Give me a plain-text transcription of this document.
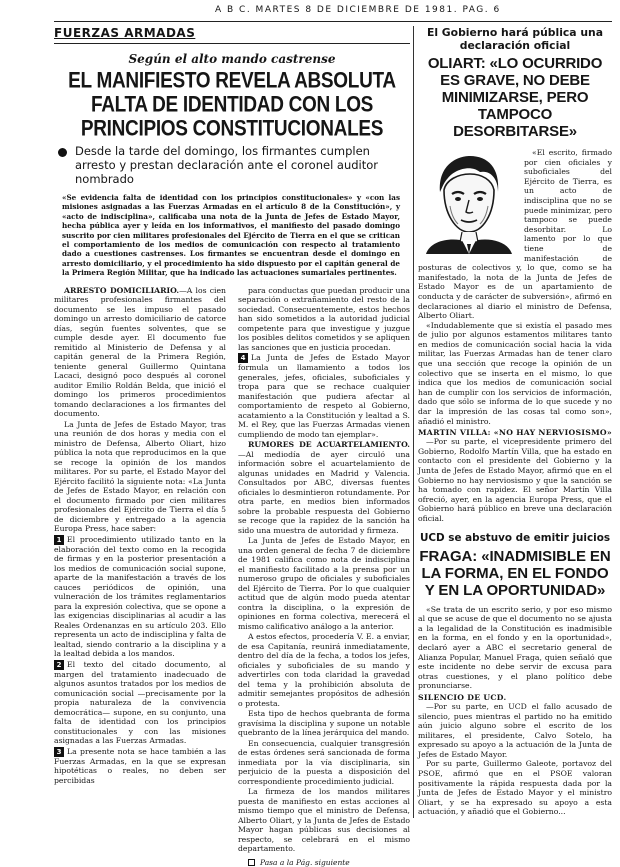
A B C. MARTES 8 DE DICIEMBRE DE 1981. PAG. 6
FUERZAS ARMADAS
Según el alto mando castrense
EL MANIFIESTO REVELA ABSOLUTA FALTA DE IDENTIDAD CON LOS PRINCIPIOS CONSTITUCIONALES
Desde la tarde del domingo, los firmantes cumplen arresto y prestan declaración ante el coronel auditor nombrado
«Se evidencia falta de identidad con los principios constitucionales» y «con las misiones asignadas a las Fuerzas Armadas en el artículo 8 de la Constitución», y «acto de indisciplina», calificaba una nota de la Junta de Jefes de Estado Mayor, hecha pública ayer y leída en los informativos, el manifiesto del pasado domingo suscrito por cien militares profesionales del Ejército de Tierra en el que se critican el comportamiento de los medios de comunicación con respecto al tratamiento dado a cuestiones castrenses. Los firmantes se encuentran desde el domingo en arresto domiciliario, y el procedimiento ha sido dispuesto por el capitán general de la Primera Región Militar, que ha indicado las actuaciones sumariales pertinentes.
ARRESTO DOMICILIARIO.—A los cien militares profesionales firmantes del documento se les impuso el pasado domingo un arresto domiciliario de catorce días, según fuentes solventes, que se cumple desde ayer. El documento fue remitido al Ministerio de Defensa y al capitán general de la Primera Región, teniente general Guillermo Quintana Lacaci, designó poco después al coronel auditor Emilio Roldán Belda, que inició el domingo los primeros procedimientos tomando declaraciones a los firmantes del documento.
La Junta de Jefes de Estado Mayor, tras una reunión de dos horas y media con el ministro de Defensa, Alberto Oliart, hizo pública la nota que reproducimos en la que se recoge la opinión de los mandos militares. Por su parte, el Estado Mayor del Ejército facilitó la siguiente nota: «La Junta de Jefes de Estado Mayor, en relación con el documento firmado por cien militares profesionales del Ejército de Tierra el día 5 de diciembre y entregado a la agencia Europa Press, hace saber:
1 El procedimiento utilizado tanto en la elaboración del texto como en la recogida de firmas y en la posterior presentación a los medios de comunicación social supone, aparte de la manifestación a través de los cauces periódicos de opinión, una vulneración de los trámites reglamentarios para la expresión colectiva, que se opone a las exigencias disciplinarias al acudir a las Reales Ordenanzas en su artículo 203. Ello representa un acto de indisciplina y falta de lealtad, siendo contrario a la disciplina y a la lealtad debida a los mandos.
2 El texto del citado documento, al margen del tratamiento inadecuado de algunos asuntos tratados por los medios de comunicación social —precisamente por la propia naturaleza de la convivencia democrática— supone, en su conjunto, una falta de identidad con los principios constitucionales y con las misiones asignadas a las Fuerzas Armadas.
3 La presente nota se hace también a las Fuerzas Armadas, en la que se expresan hipotéticas o reales, no deben ser percibidas
para conductas que puedan producir una separación o extrañamiento del resto de la sociedad. Consecuentemente, estos hechos han sido sometidos a la autoridad judicial competente para que investigue y juzgue los posibles delitos cometidos y se apliquen las sanciones que en justicia procedan.
4 La Junta de Jefes de Estado Mayor formula un llamamiento a todos los generales, jefes, oficiales, suboficiales y tropa para que se rechace cualquier manifestación que pudiera afectar al comportamiento de respeto al Gobierno, acatamiento a la Constitución y lealtad a S. M. el Rey, que las Fuerzas Armadas vienen cumpliendo de modo tan ejemplar».
RUMORES DE ACUARTELAMIENTO.—Al mediodía de ayer circuló una información sobre el acuartelamiento de algunas unidades en Madrid y Valencia. Consultados por ABC, diversas fuentes oficiales lo desmintieron rotundamente. Por otra parte, en medios bien informados sobre la probable respuesta del Gobierno se recoge que la rapidez de la sanción ha sido una muestra de autoridad y firmeza.
La Junta de Jefes de Estado Mayor, en una orden general de fecha 7 de diciembre de 1981 califica como nota de indisciplina el manifiesto facilitado a la prensa por un numeroso grupo de oficiales y suboficiales del Ejército de Tierra. Por lo que cualquier actitud que de algún modo pueda atentar contra la disciplina, o la expresión de opiniones en forma colectiva, merecerá el mismo calificativo análogo a la anterior.
A estos efectos, procedería V. E. a enviar, de esa Capitanía, reunirá inmediatamente, dentro del día de la fecha, a todos los jefes, oficiales y suboficiales de su mando y advertirles con toda claridad la gravedad del tema y la prohibición absoluta de admitir semejantes propósitos de adhesión o protesta.
Esta tipo de hechos quebranta de forma gravísima la disciplina y supone un notable quebranto de la línea jerárquica del mando.
En consecuencia, cualquier transgresión de estas órdenes será sancionada de forma inmediata por la vía disciplinaria, sin perjuicio de la puesta a disposición del correspondiente procedimiento judicial.
La firmeza de los mandos militares puesta de manifiesto en estas acciones al mismo tiempo que el ministro de Defensa, Alberto Oliart, y la Junta de Jefes de Estado Mayor hagan públicas sus decisiones al respecto, se celebrará en el mismo departamento.
Pasa a la Pág. siguiente
El Gobierno hará pública una declaración oficial
OLIART: «LO OCURRIDO ES GRAVE, NO DEBE MINIMIZARSE, PERO TAMPOCO DESORBITARSE»
«El escrito, firmado por cien oficiales y suboficiales del Ejército de Tierra, es un acto de indisciplina que no se puede minimizar, pero tampoco se puede desorbitar. Lo lamento por lo que tiene de manifestación de posturas de colectivos y, lo que, como se ha manifestado, la nota de la Junta de Jefes de Estado Mayor es de un apartamiento de conducta y de carácter de subversión», afirmó en declaraciones al diario el ministro de Defensa, Alberto Oliart.
«Indudablemente que si existía el pasado mes de julio por algunos estamentos militares tanto en medios de comunicación social hacia la vida militar, las Fuerzas Armadas han de tener claro que una sección que recoge la opinión de un colectivo que se inserta en el mismo, lo que indica que los medios de comunicación social han de cumplir con los servicios de información, dado que sólo se informa de lo que sucede y no dar la impresión de las cosas tal como son», añadió el ministro.
MARTIN VILLA: «NO HAY NERVIOSISMO»
—Por su parte, el vicepresidente primero del Gobierno, Rodolfo Martín Villa, que ha estado en contacto con el presidente del Gobierno y la Junta de Jefes de Estado Mayor, afirmó que en el Gobierno no hay nerviosismo y que la sanción se ha tomado con rapidez. El señor Martín Villa ofreció, ayer, en la agencia Europa Press, que el Gobierno hará público en breve una declaración oficial.
UCD se abstuvo de emitir juicios
FRAGA: «INADMISIBLE EN LA FORMA, EN EL FONDO Y EN LA OPORTUNIDAD»
«Se trata de un escrito serio, y por eso mismo al que se acuse de que el documento no se ajusta a la legalidad de la Constitución es inadmisible en la forma, en el fondo y en la oportunidad», declaró ayer a ABC el secretario general de Alianza Popular, Manuel Fraga, quien señaló que este incidente no debe servir de excusa para otras cuestiones, y el plano político debe pronunciarse.
SILENCIO DE UCD.
—Por su parte, en UCD el fallo acusado de silencio, pues mientras el partido no ha emitido aún juicio alguno sobre el escrito de los militares, el presidente, Calvo Sotelo, ha expresado su apoyo a la actuación de la Junta de Jefes de Estado Mayor.
Por su parte, Guillermo Galeote, portavoz del PSOE, afirmó que en el PSOE valoran positivamente la rápida respuesta dada por la Junta de Jefes de Estado Mayor y el ministro Oliart, y se ha expresado su apoyo a esta actuación, y añadió que el Gobierno...
